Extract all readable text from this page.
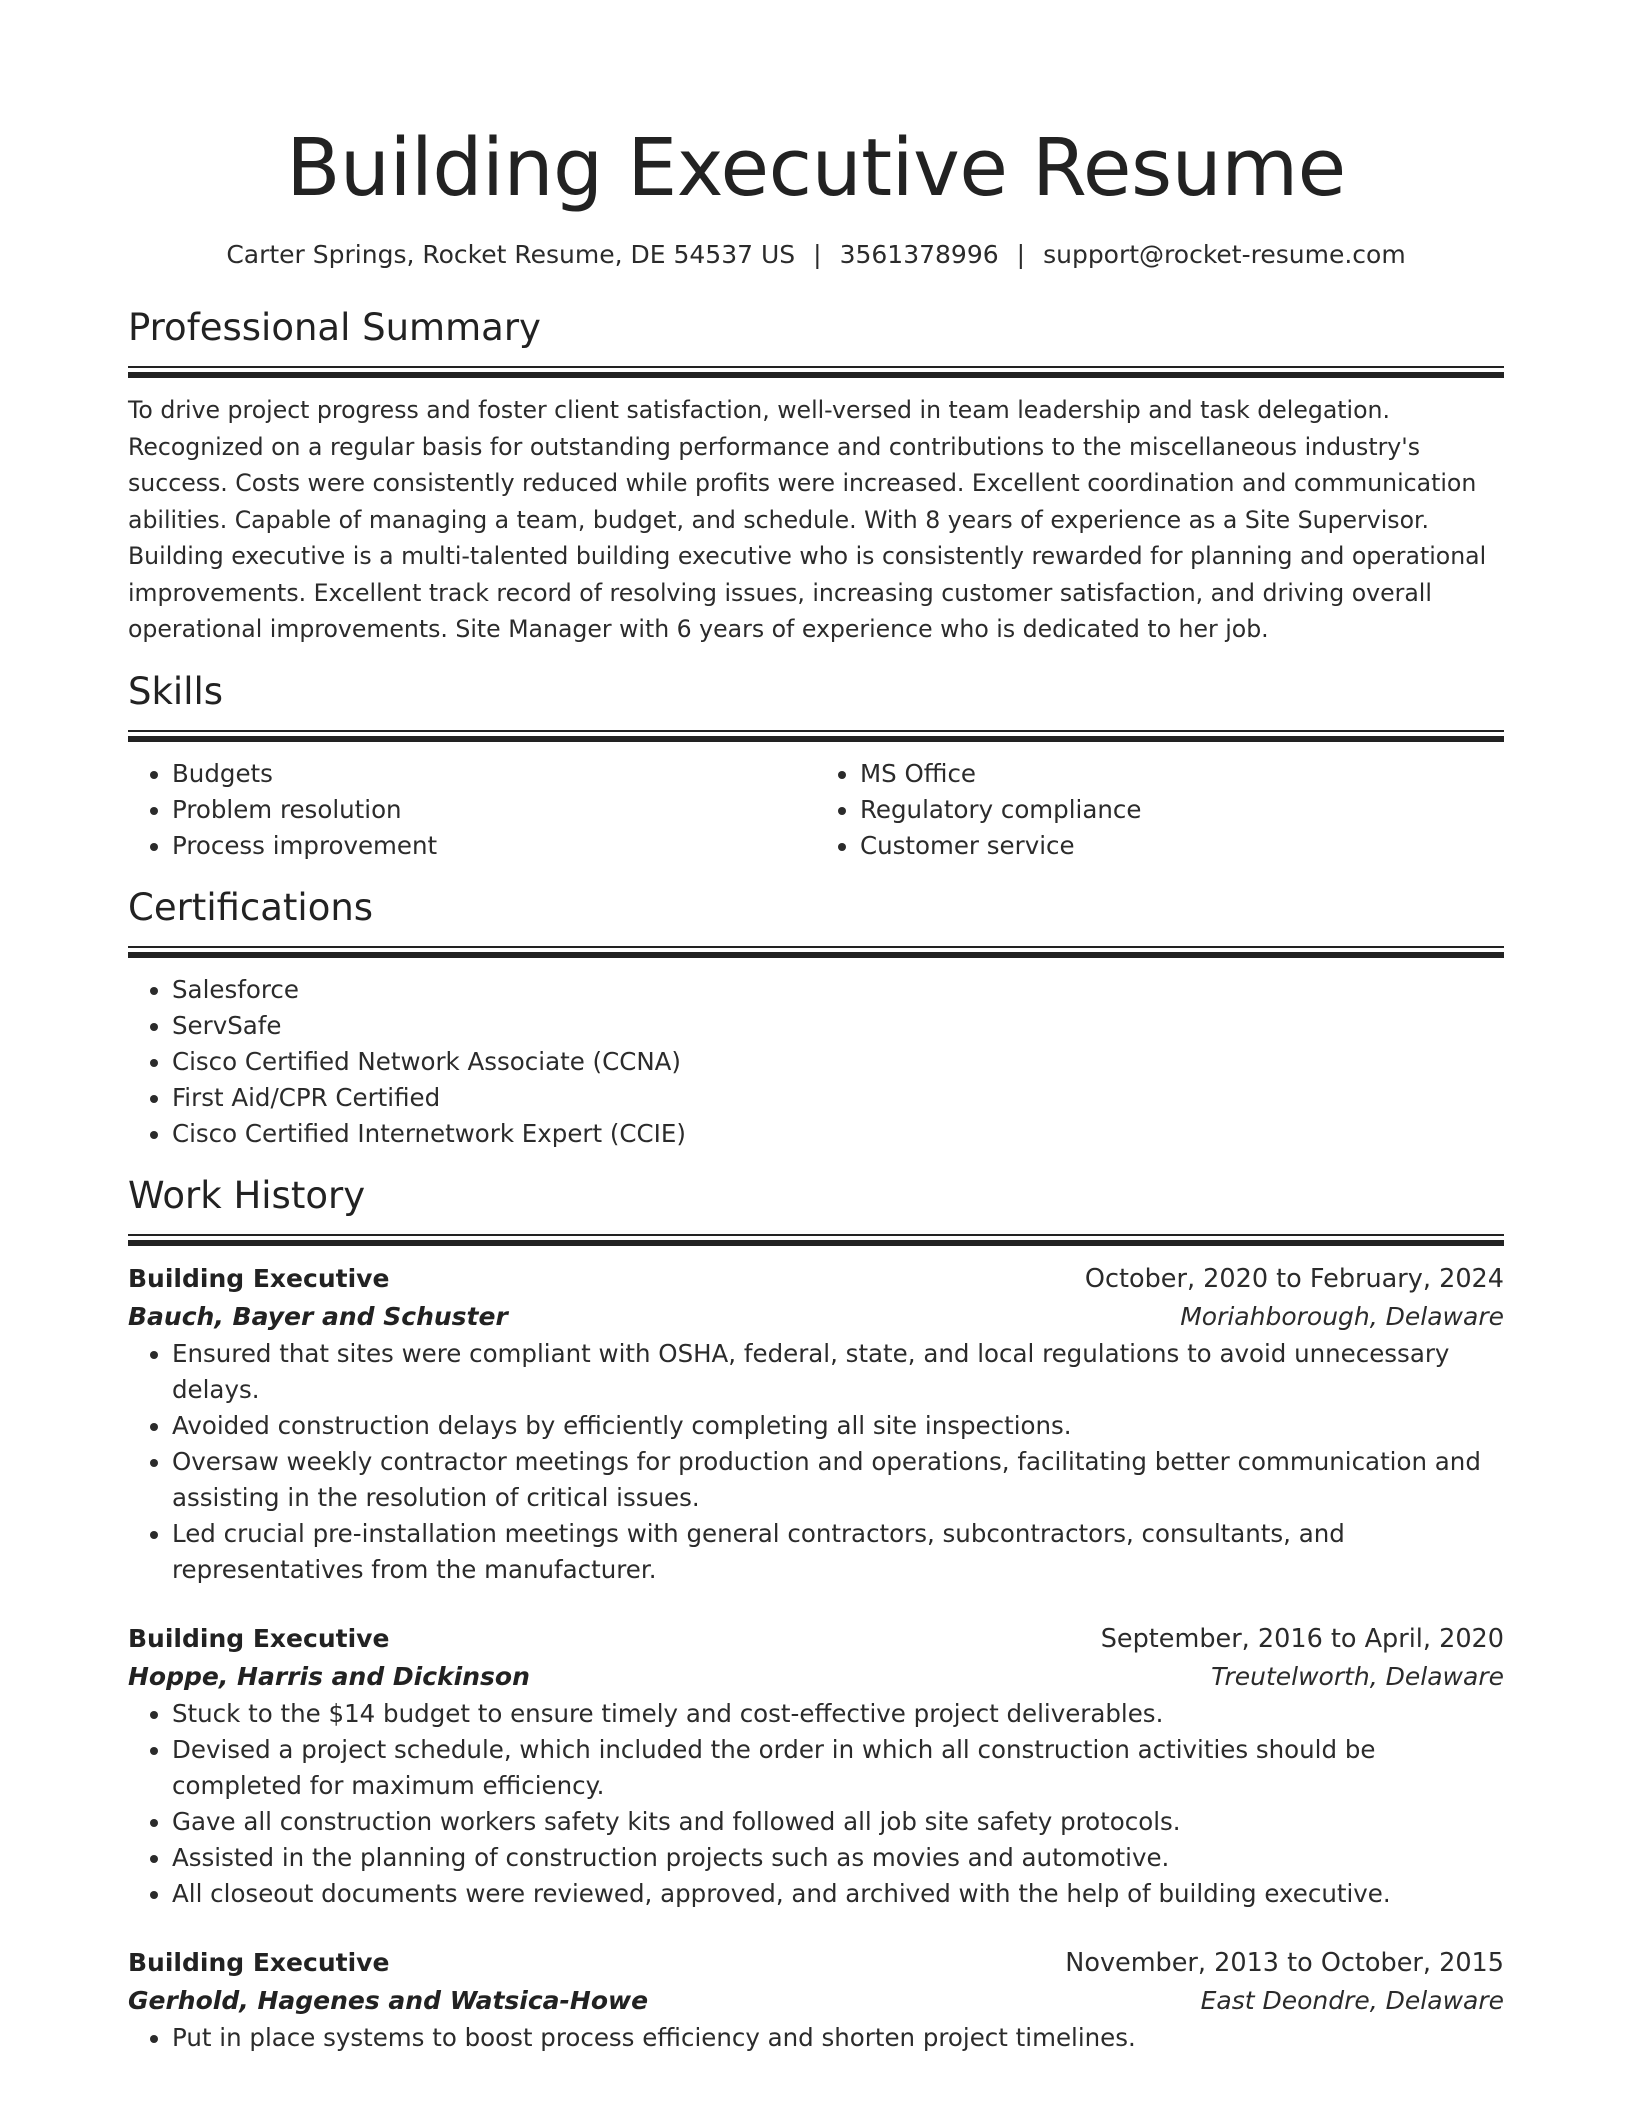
Building Executive Resume
Carter Springs, Rocket Resume, DE 54537 US | 3561378996 | support@rocket-resume.com
Professional Summary

To drive project progress and foster client satisfaction, well-versed in team leadership and task delegation. Recognized on a regular basis for outstanding performance and contributions to the miscellaneous industry's success. Costs were consistently reduced while profits were increased. Excellent coordination and communication abilities. Capable of managing a team, budget, and schedule. With 8 years of experience as a Site Supervisor. Building executive is a multi-talented building executive who is consistently rewarded for planning and operational improvements. Excellent track record of resolving issues, increasing customer satisfaction, and driving overall operational improvements. Site Manager with 6 years of experience who is dedicated to her job.

Skills
• Budgets
• Problem resolution
• Process improvement
• MS Office
• Regulatory compliance
• Customer service
Certifications
• Salesforce
• ServSafe
• Cisco Certified Network Associate (CCNA)
• First Aid/CPR Certified
• Cisco Certified Internetwork Expert (CCIE)
Work History
Building Executive	October, 2020 to February, 2024
Bauch, Bayer and Schuster	Moriahborough, Delaware
• Ensured that sites were compliant with OSHA, federal, state, and local regulations to avoid unnecessary delays.
• Avoided construction delays by efficiently completing all site inspections.
• Oversaw weekly contractor meetings for production and operations, facilitating better communication and assisting in the resolution of critical issues.
• Led crucial pre-installation meetings with general contractors, subcontractors, consultants, and representatives from the manufacturer.
Building Executive	September, 2016 to April, 2020
Hoppe, Harris and Dickinson	Treutelworth, Delaware
• Stuck to the $14 budget to ensure timely and cost-effective project deliverables.
• Devised a project schedule, which included the order in which all construction activities should be completed for maximum efficiency.
• Gave all construction workers safety kits and followed all job site safety protocols.
• Assisted in the planning of construction projects such as movies and automotive.
• All closeout documents were reviewed, approved, and archived with the help of building executive.
Building Executive	November, 2013 to October, 2015
Gerhold, Hagenes and Watsica-Howe	East Deondre, Delaware
• Put in place systems to boost process efficiency and shorten project timelines.
